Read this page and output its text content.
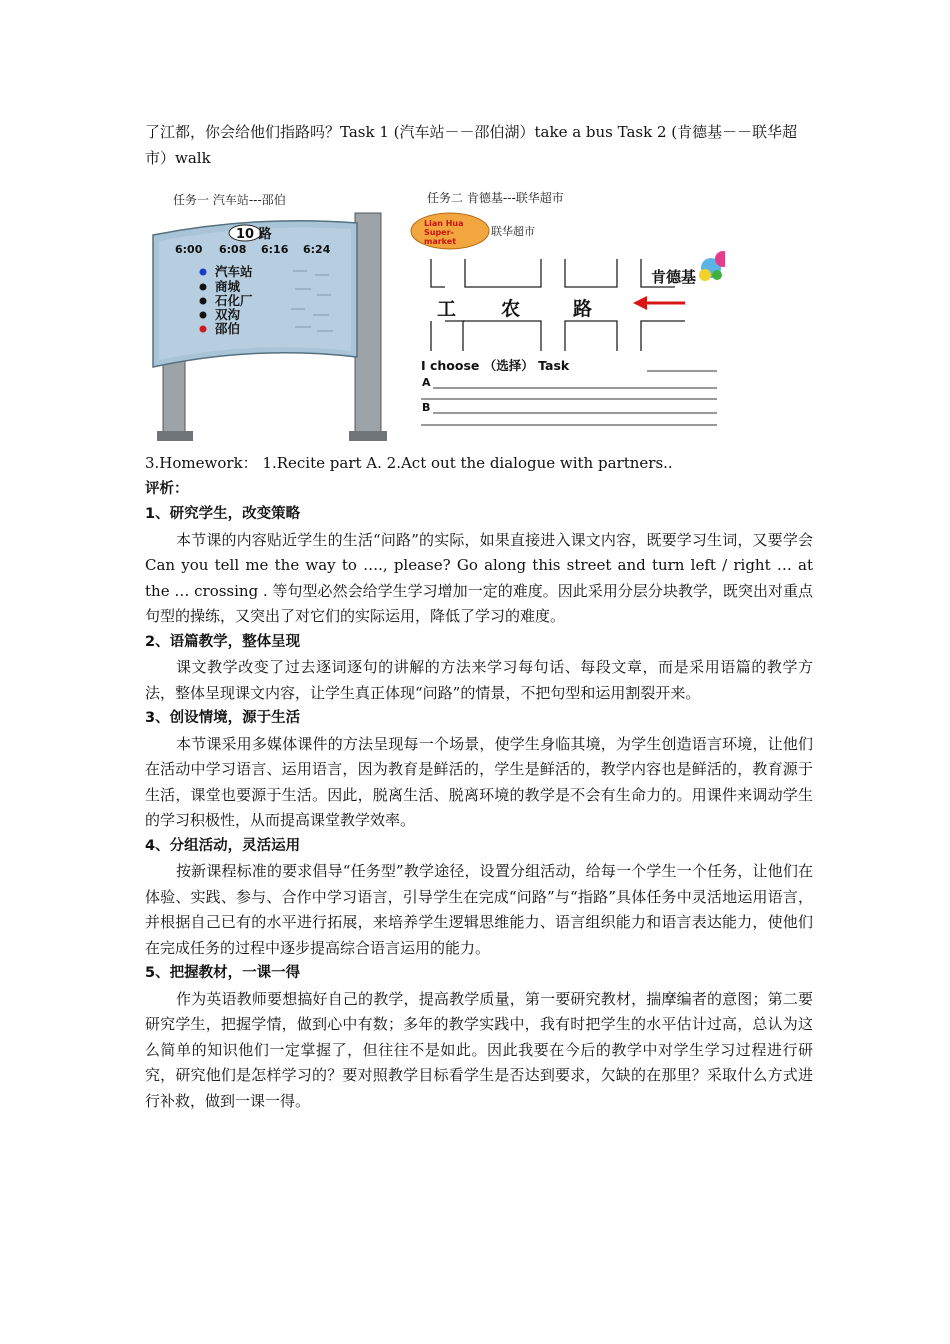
了江都，你会给他们指路吗？Task 1 (汽车站－－邵伯湖）take a bus Task 2 (肯德基－－联华超市）walk
任务一 汽车站---邵伯
10 路
6:00 6:08 6:16 6:24
汽车站
商城
石化厂
双沟
邵伯
任务二 肯德基---联华超市
Lian Hua
Super-
market
联华超市
肯德基
工 农	路
I choose （选择） Task
A
B
3.Homework： 1.Recite part A. 2.Act out the dialogue with partners..
评析：
1、研究学生，改变策略
本节课的内容贴近学生的生活“问路”的实际，如果直接进入课文内容，既要学习生词，又要学会 Can you tell me the way to …., please? Go along this street and turn left / right … at the … crossing . 等句型必然会给学生学习增加一定的难度。因此采用分层分块教学，既突出对重点句型的操练，又突出了对它们的实际运用，降低了学习的难度。
2、语篇教学，整体呈现
课文教学改变了过去逐词逐句的讲解的方法来学习每句话、每段文章，而是采用语篇的教学方法，整体呈现课文内容，让学生真正体现“问路”的情景，不把句型和运用割裂开来。
3、创设情境，源于生活
本节课采用多媒体课件的方法呈现每一个场景，使学生身临其境，为学生创造语言环境，让他们在活动中学习语言、运用语言，因为教育是鲜活的，学生是鲜活的，教学内容也是鲜活的，教育源于生活，课堂也要源于生活。因此，脱离生活、脱离环境的教学是不会有生命力的。用课件来调动学生的学习积极性，从而提高课堂教学效率。
4、分组活动，灵活运用
按新课程标准的要求倡导“任务型”教学途径，设置分组活动，给每一个学生一个任务，让他们在体验、实践、参与、合作中学习语言，引导学生在完成“问路”与“指路”具体任务中灵活地运用语言，并根据自己已有的水平进行拓展，来培养学生逻辑思维能力、语言组织能力和语言表达能力，使他们在完成任务的过程中逐步提高综合语言运用的能力。
5、把握教材，一课一得
作为英语教师要想搞好自己的教学，提高教学质量，第一要研究教材，揣摩编者的意图；第二要研究学生，把握学情，做到心中有数；多年的教学实践中，我有时把学生的水平估计过高，总认为这么简单的知识他们一定掌握了，但往往不是如此。因此我要在今后的教学中对学生学习过程进行研究，研究他们是怎样学习的？要对照教学目标看学生是否达到要求，欠缺的在那里？采取什么方式进行补救，做到一课一得。
